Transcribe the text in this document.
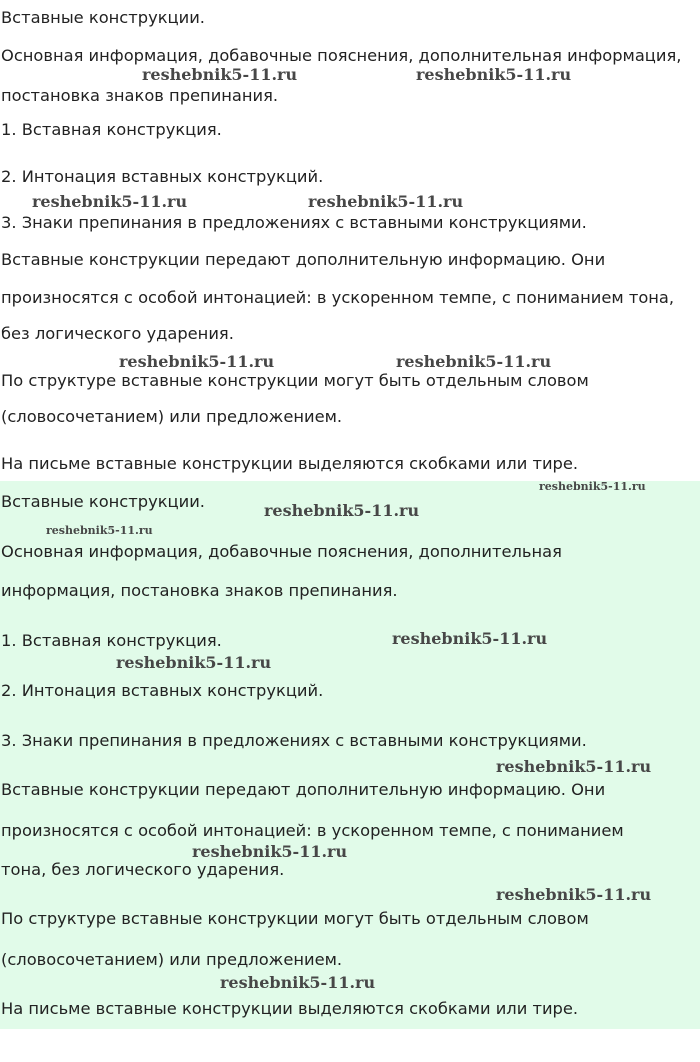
Вставные конструкции.

Основная информация, добавочные пояснения, дополнительная информация,

постановка знаков препинания.

1. Вставная конструкция.

2. Интонация вставных конструкций.

3. Знаки препинания в предложениях с вставными конструкциями.

Вставные конструкции передают дополнительную информацию. Они

произносятся с особой интонацией: в ускоренном темпе, с пониманием тона,

без логического ударения.

По структуре вставные конструкции могут быть отдельным словом

(словосочетанием) или предложением.

На письме вставные конструкции выделяются скобками или тире.

Вставные конструкции.

Основная информация, добавочные пояснения, дополнительная

информация, постановка знаков препинания.

1. Вставная конструкция.

2. Интонация вставных конструкций.

3. Знаки препинания в предложениях с вставными конструкциями.

Вставные конструкции передают дополнительную информацию. Они

произносятся с особой интонацией: в ускоренном темпе, с пониманием

тона, без логического ударения.

По структуре вставные конструкции могут быть отдельным словом

(словосочетанием) или предложением.

На письме вставные конструкции выделяются скобками или тире.

reshebnik5-11.ru	reshebnik5-11.ru

reshebnik5-11.ru	reshebnik5-11.ru

reshebnik5-11.ru	reshebnik5-11.ru

reshebnik5-11.ru

reshebnik5-11.ru

reshebnik5-11.ru

reshebnik5-11.ru

reshebnik5-11.ru

reshebnik5-11.ru

reshebnik5-11.ru

reshebnik5-11.ru

reshebnik5-11.ru
